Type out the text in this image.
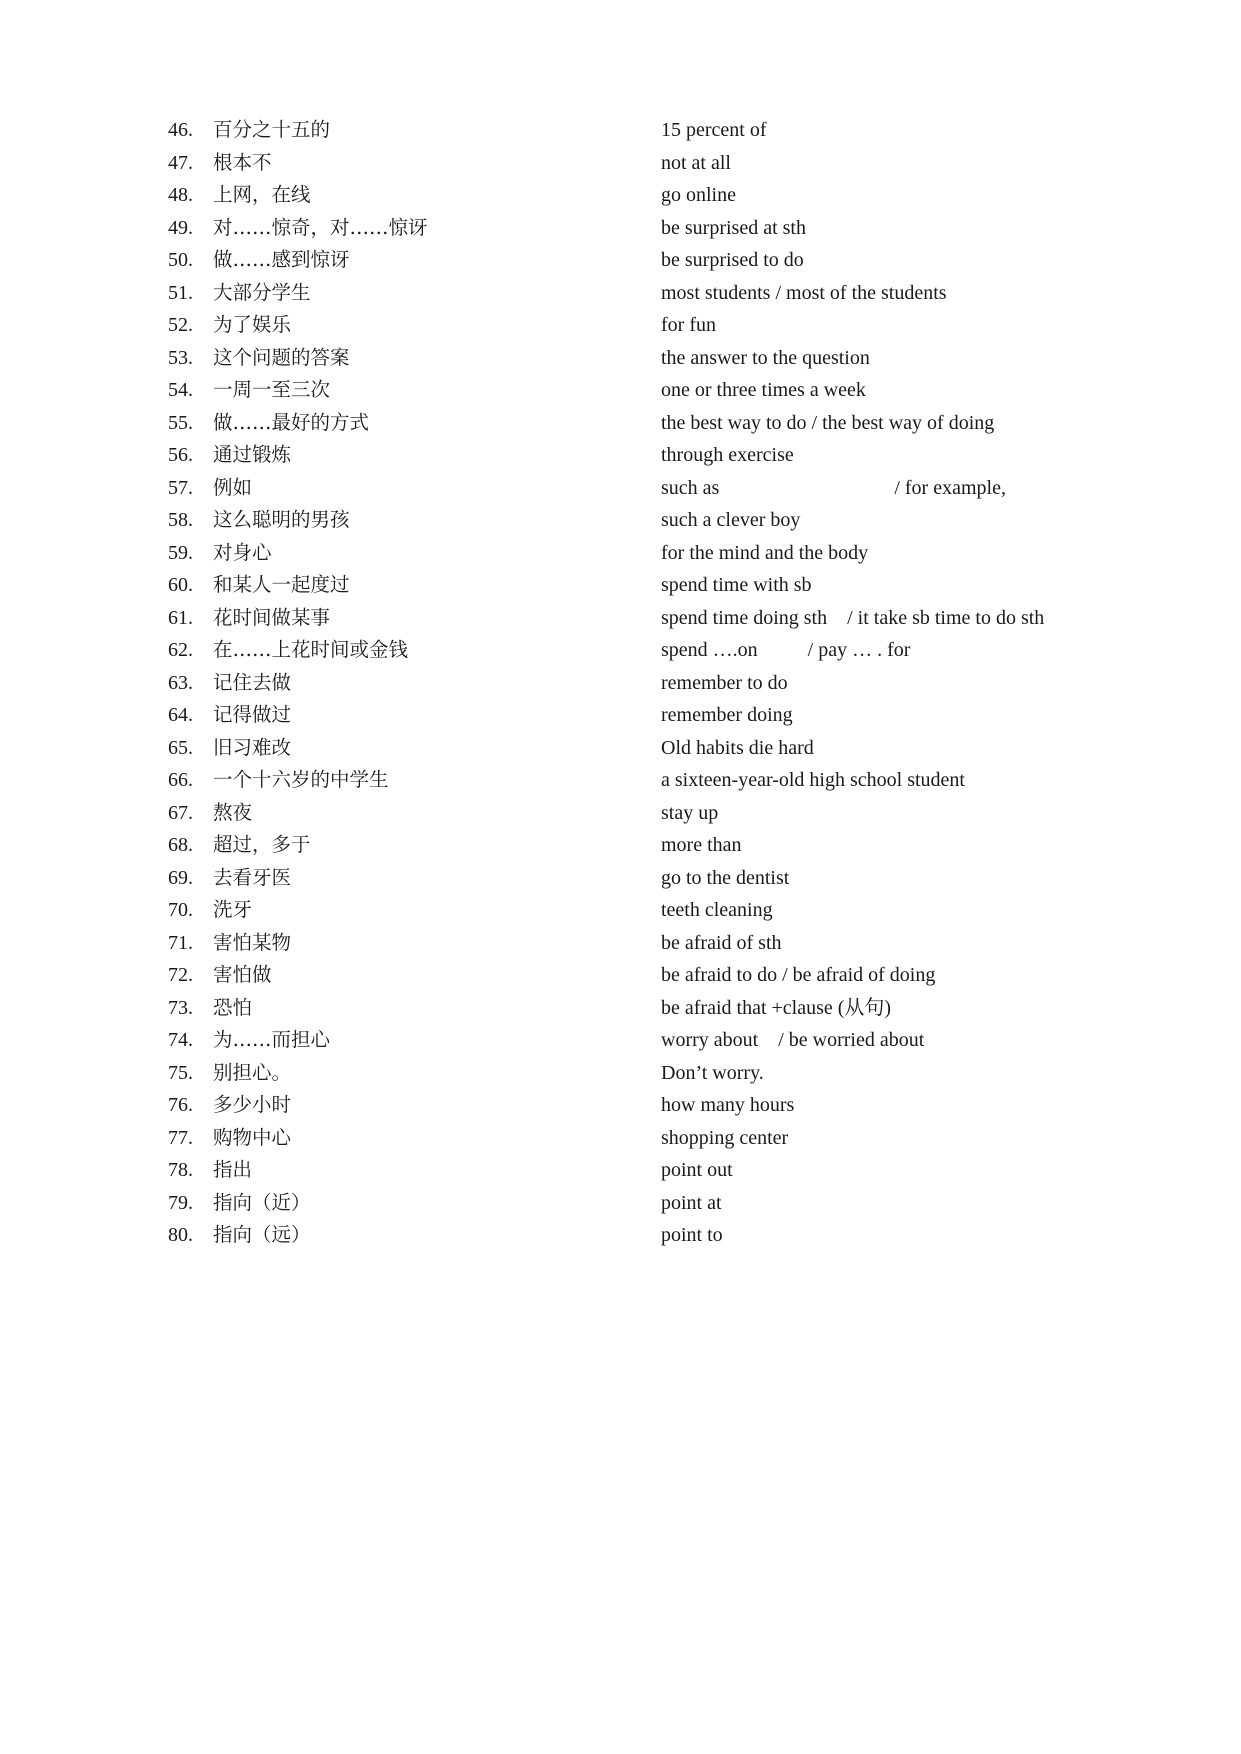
46.	百分之十五的	15 percent of
47.	根本不	not at all
48.	上网，在线	go online
49.	对……惊奇，对……惊讶	be surprised at sth
50.	做……感到惊讶	be surprised to do
51.	大部分学生	most students / most of the students
52.	为了娱乐	for fun
53.	这个问题的答案	the answer to the question
54.	一周一至三次	one or three times a week
55.	做……最好的方式	the best way to do / the best way of doing
56.	通过锻炼	through exercise
57.	例如	such as                                   / for example,
58.	这么聪明的男孩	such a clever boy
59.	对身心	for the mind and the body
60.	和某人一起度过	spend time with sb
61.	花时间做某事	spend time doing sth    / it take sb time to do sth
62.	在……上花时间或金钱	spend ….on          / pay … . for
63.	记住去做	remember to do
64.	记得做过	remember doing
65.	旧习难改	Old habits die hard
66.	一个十六岁的中学生	a sixteen-year-old high school student
67.	熬夜	stay up
68.	超过，多于	more than
69.	去看牙医	go to the dentist
70.	洗牙	teeth cleaning
71.	害怕某物	be afraid of sth
72.	害怕做	be afraid to do / be afraid of doing
73.	恐怕	be afraid that +clause (从句)
74.	为……而担心	worry about    / be worried about
75.	别担心。	Don’t worry.
76.	多少小时	how many hours
77.	购物中心	shopping center
78.	指出	point out
79.	指向（近）	point at
80.	指向（远）	point to
